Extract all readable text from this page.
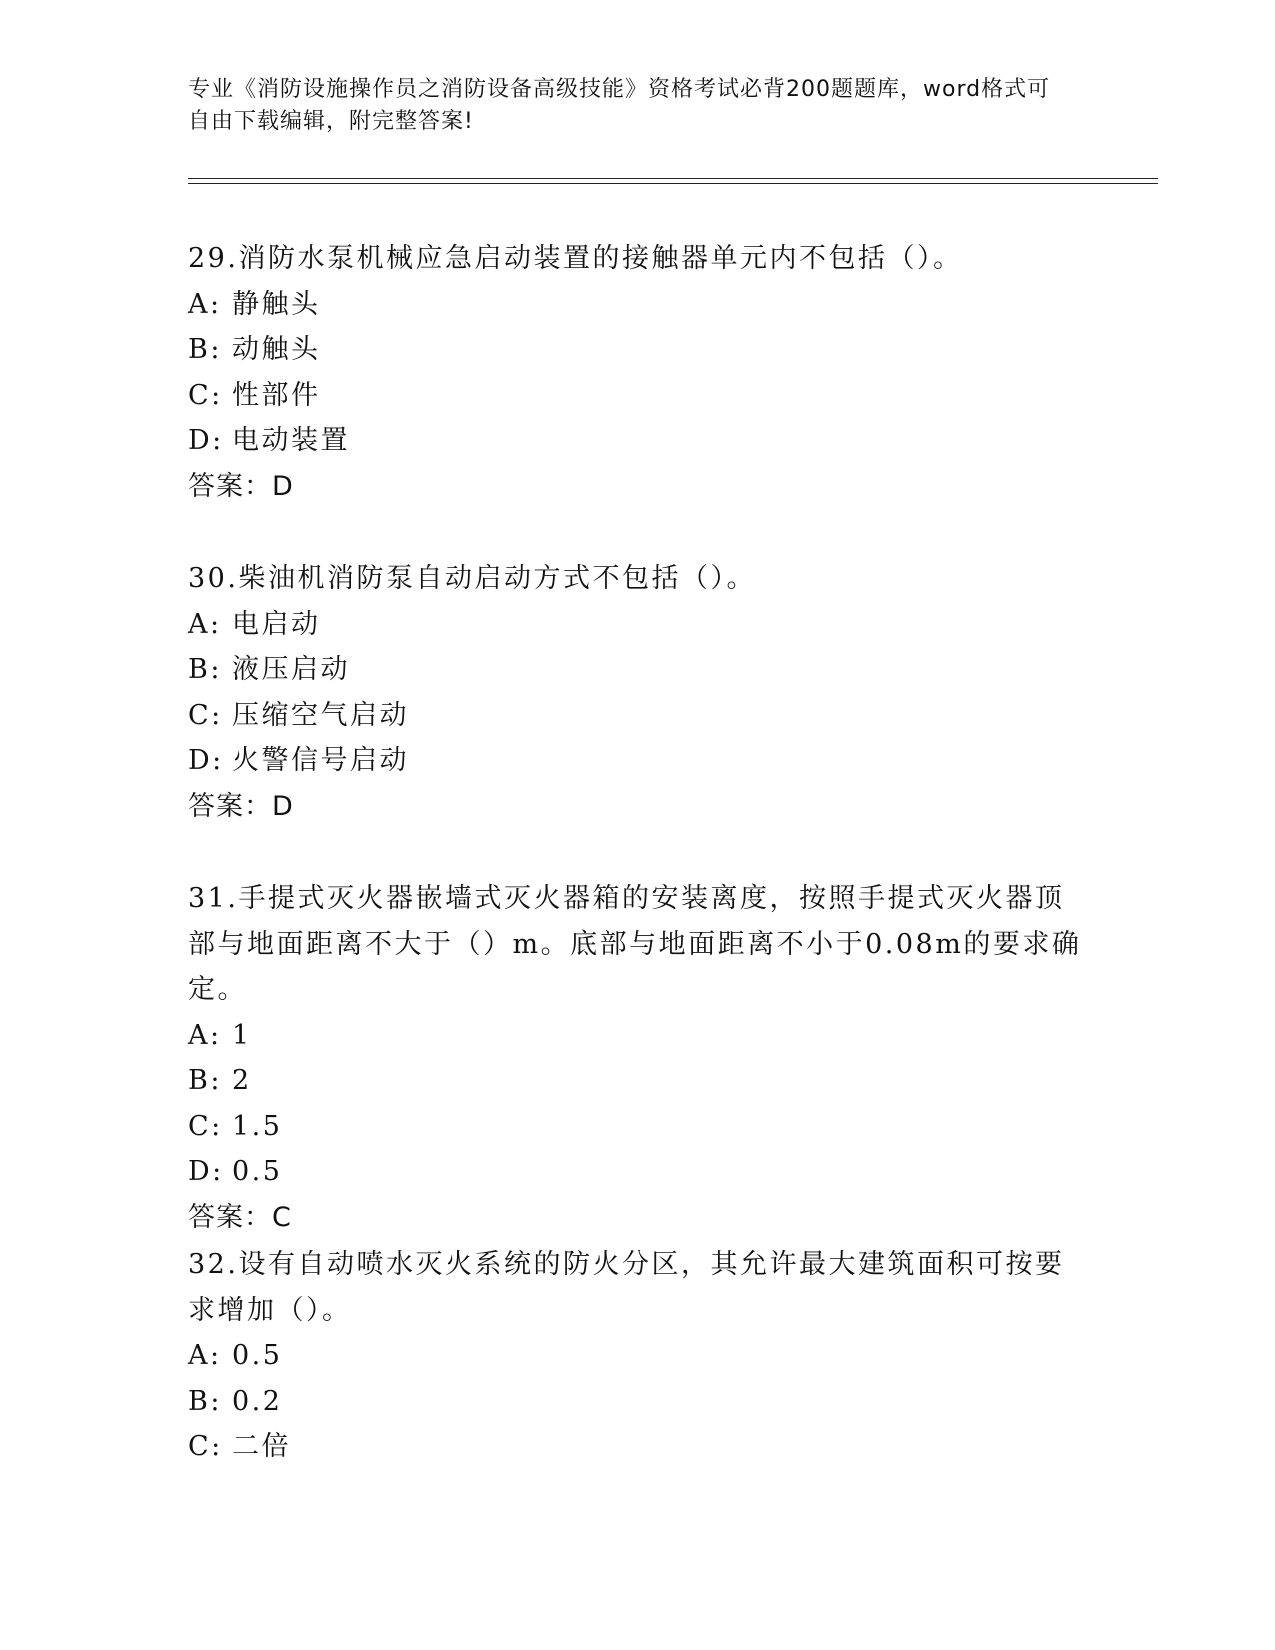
专业《消防设施操作员之消防设备高级技能》资格考试必背200题题库，word格式可自由下载编辑，附完整答案!

29.消防水泵机械应急启动装置的接触器单元内不包括（）。

A: 静触头

B: 动触头

C: 性部件

D: 电动装置

答案：D

30.柴油机消防泵自动启动方式不包括（）。

A: 电启动

B: 液压启动

C: 压缩空气启动

D: 火警信号启动

答案：D

31.手提式灭火器嵌墙式灭火器箱的安装离度，按照手提式灭火器顶部与地面距离不大于（）m。底部与地面距离不小于0.08m的要求确定。

A: 1

B: 2

C: 1.5

D: 0.5

答案：C

32.设有自动喷水灭火系统的防火分区，其允许最大建筑面积可按要求增加（）。

A: 0.5

B: 0.2

C: 二倍
